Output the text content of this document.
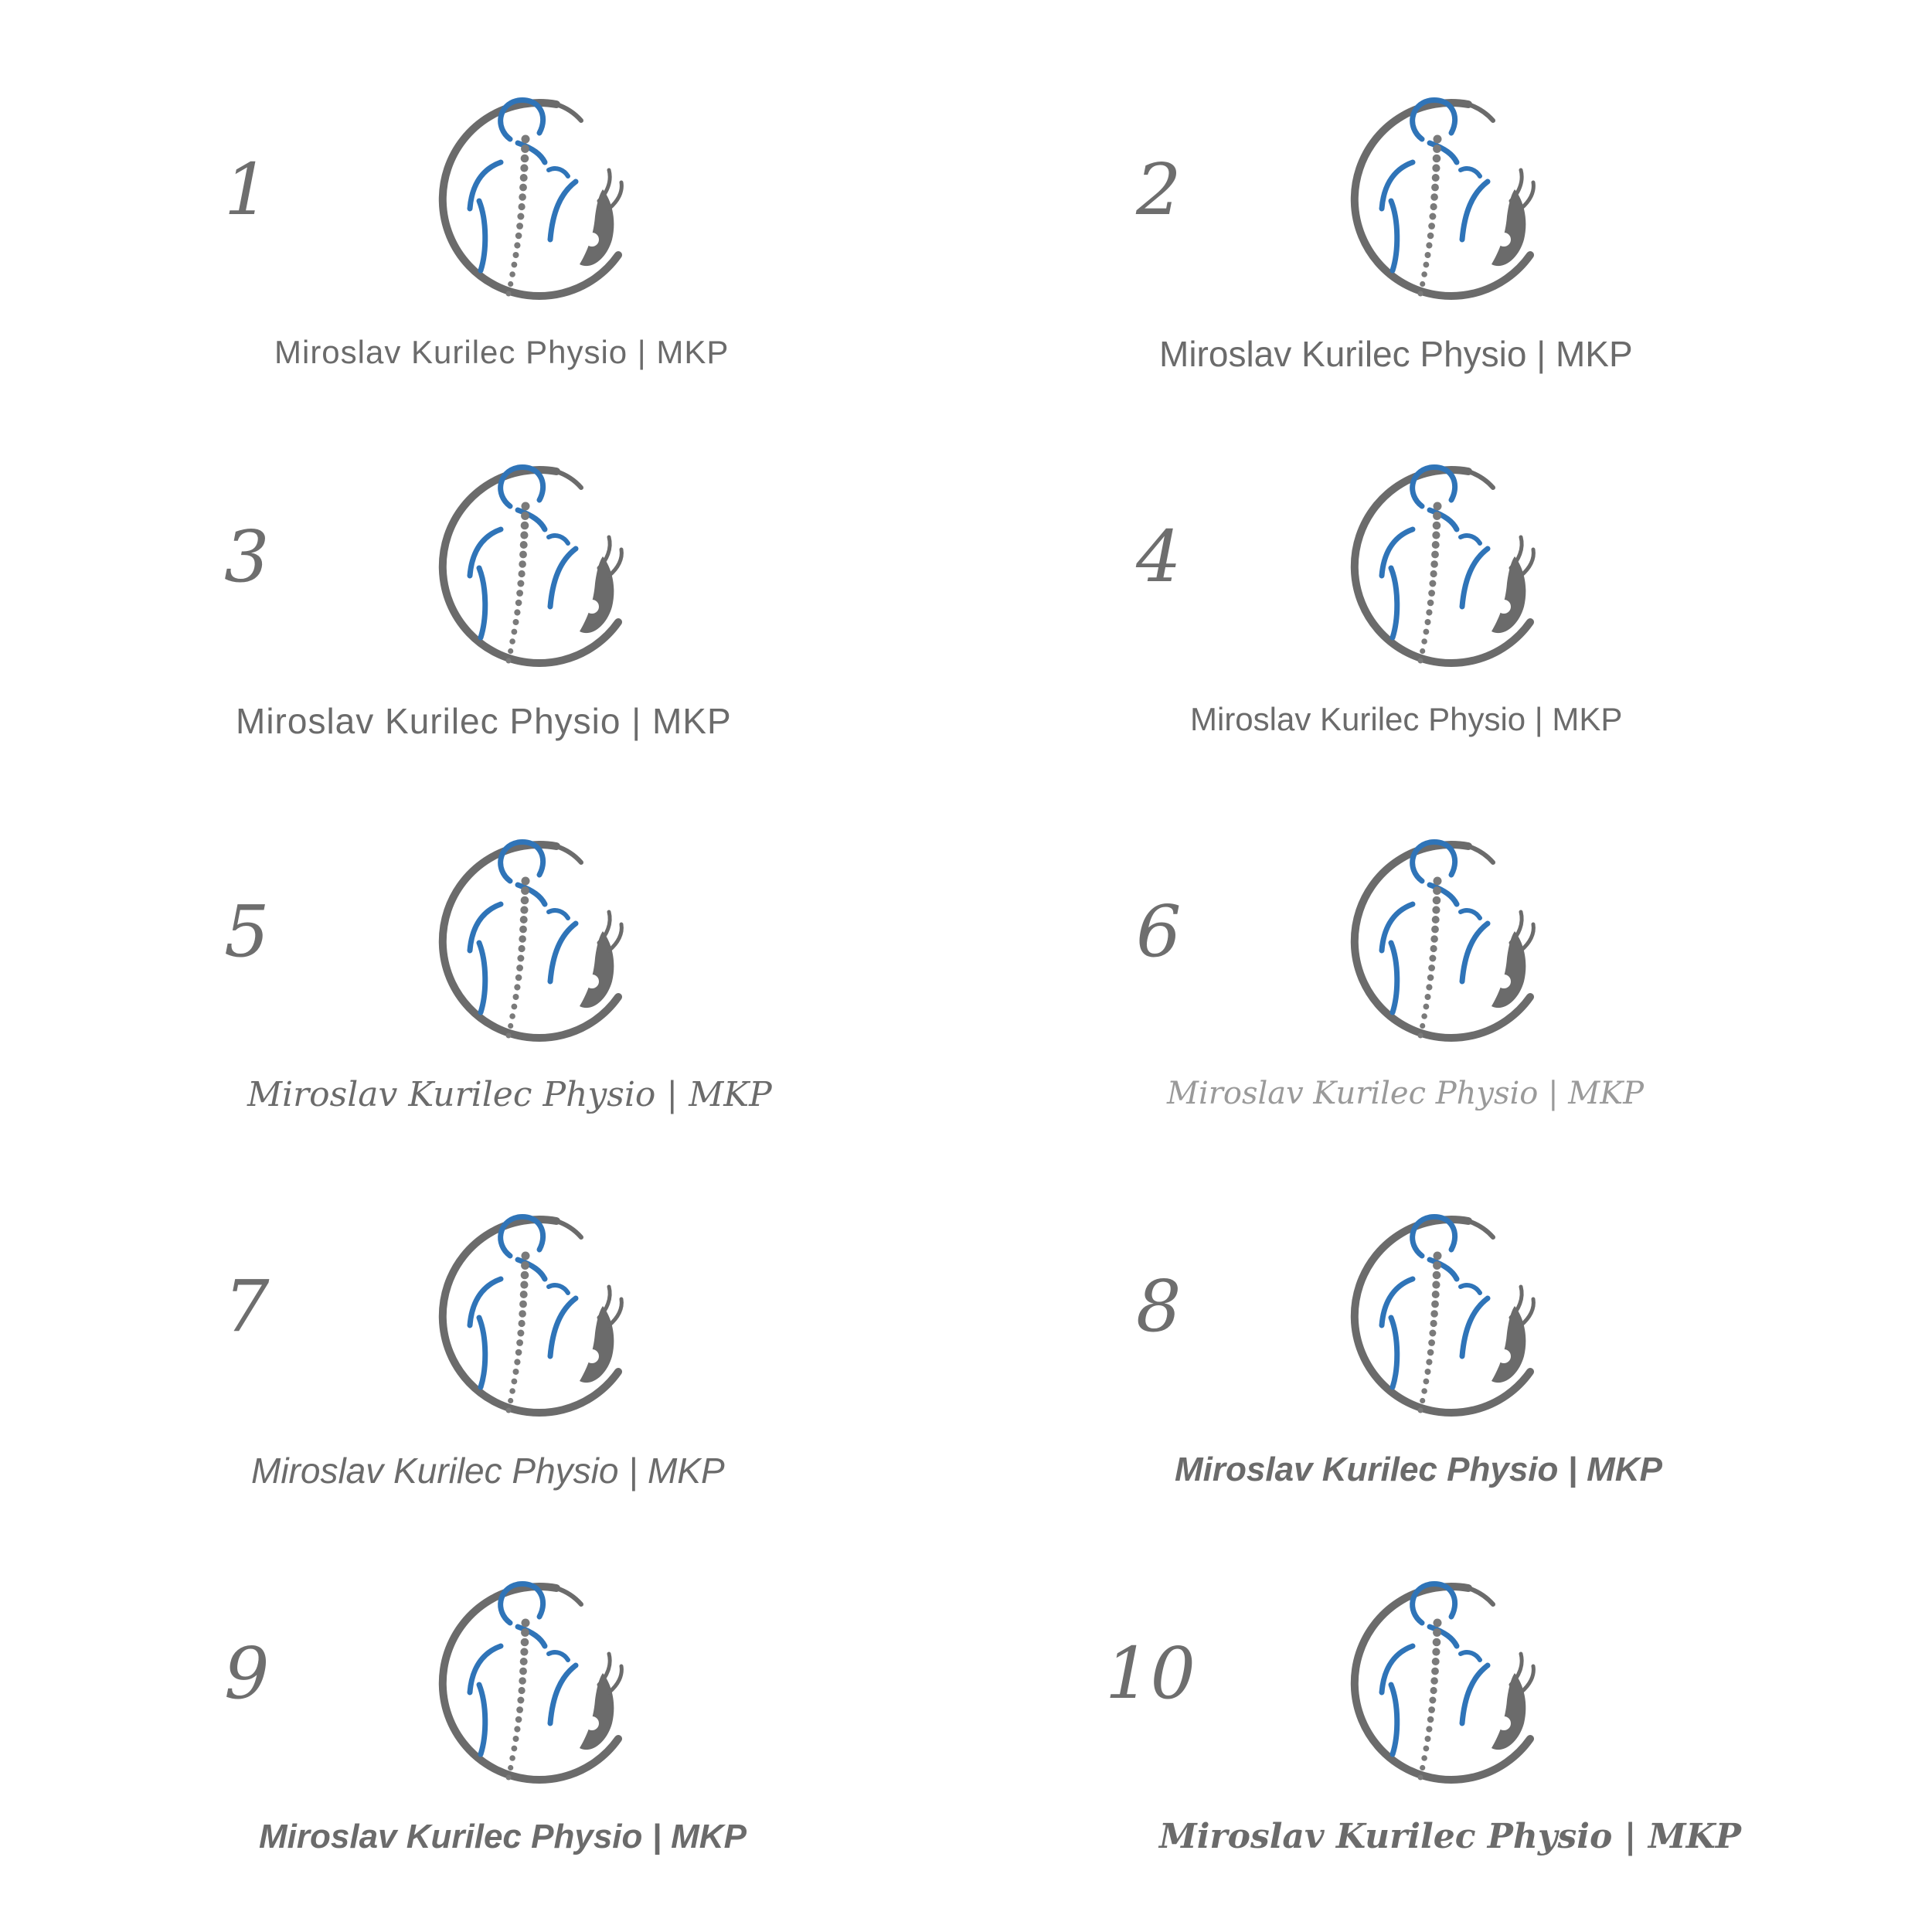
1
Miroslav Kurilec Physio | MKP
2
Miroslav Kurilec Physio | MKP
3
Miroslav Kurilec Physio | MKP
4
Miroslav Kurilec Physio | MKP
5
Miroslav Kurilec Physio | MKP
6
Miroslav Kurilec Physio | MKP
7
Miroslav Kurilec Physio | MKP
8
Miroslav Kurilec Physio | MKP
9
Miroslav Kurilec Physio | MKP
10
Miroslav Kurilec Physio | MKP
